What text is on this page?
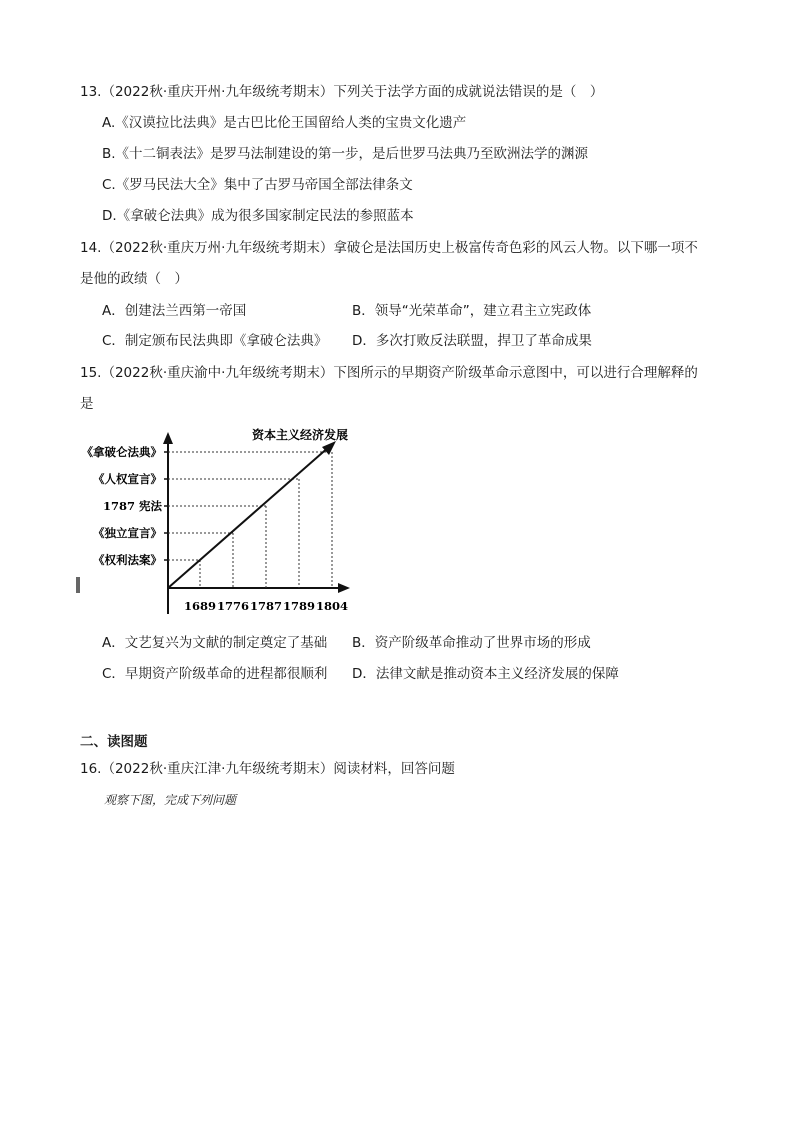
13.（2022秋·重庆开州·九年级统考期末）下列关于法学方面的成就说法错误的是（　）
A.《汉谟拉比法典》是古巴比伦王国留给人类的宝贵文化遗产
B.《十二铜表法》是罗马法制建设的第一步，是后世罗马法典乃至欧洲法学的渊源
C.《罗马民法大全》集中了古罗马帝国全部法律条文
D.《拿破仑法典》成为很多国家制定民法的参照蓝本
14.（2022秋·重庆万州·九年级统考期末）拿破仑是法国历史上极富传奇色彩的风云人物。以下哪一项不
是他的政绩（　）
A．创建法兰西第一帝国	B．领导“光荣革命”，建立君主立宪政体
C．制定颁布民法典即《拿破仑法典》 D．多次打败反法联盟，捍卫了革命成果
15.（2022秋·重庆渝中·九年级统考期末）下图所示的早期资产阶级革命示意图中，可以进行合理解释的
是
资本主义经济发展
《权利法案》
《独立宣言》
1787 宪法
《人权宣言》
《拿破仑法典》
1689 1776 1787 1789 1804
A．文艺复兴为文献的制定奠定了基础 B．资产阶级革命推动了世界市场的形成
C．早期资产阶级革命的进程都很顺利 D．法律文献是推动资本主义经济发展的保障
二、读图题
16.（2022秋·重庆江津·九年级统考期末）阅读材料，回答问题
观察下图，完成下列问题
